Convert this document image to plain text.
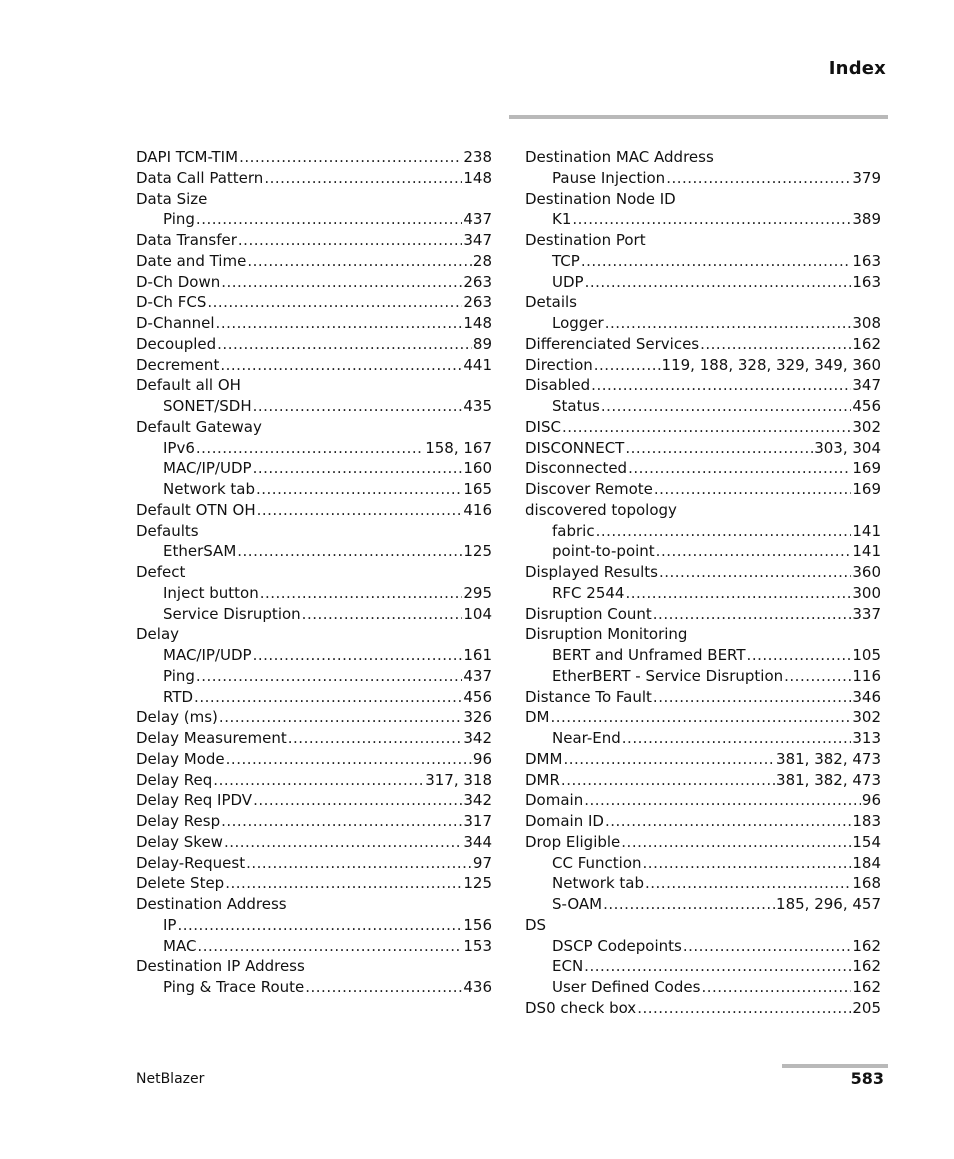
Index
DAPI TCM-TIM .....	238
Data Call Pattern .....	148
Data Size
Ping .....	437
Data Transfer .....	347
Date and Time .....	28
D-Ch Down .....	263
D-Ch FCS .....	263
D-Channel .....	148
Decoupled .....	89
Decrement .....	441
Default all OH
SONET/SDH .....	435
Default Gateway
IPv6 .....	158, 167
MAC/IP/UDP .....	160
Network tab .....	165
Default OTN OH .....	416
Defaults
EtherSAM .....	125
Defect
Inject button .....	295
Service Disruption .....	104
Delay
MAC/IP/UDP .....	161
Ping .....	437
RTD .....	456
Delay (ms) .....	326
Delay Measurement .....	342
Delay Mode .....	96
Delay Req .....	317, 318
Delay Req IPDV .....	342
Delay Resp .....	317
Delay Skew .....	344
Delay-Request .....	97
Delete Step .....	125
Destination Address
IP .....	156
MAC .....	153
Destination IP Address
Ping & Trace Route .....	436
Destination MAC Address
Pause Injection .....	379
Destination Node ID
K1 .....	389
Destination Port
TCP .....	163
UDP .....	163
Details
Logger .....	308
Differenciated Services .....	162
Direction .....	119, 188, 328, 329, 349, 360
Disabled .....	347
Status .....	456
DISC .....	302
DISCONNECT .....	303, 304
Disconnected .....	169
Discover Remote .....	169
discovered topology
fabric .....	141
point-to-point .....	141
Displayed Results .....	360
RFC 2544 .....	300
Disruption Count .....	337
Disruption Monitoring
BERT and Unframed BERT .....	105
EtherBERT - Service Disruption .....	116
Distance To Fault .....	346
DM .....	302
Near-End .....	313
DMM .....	381, 382, 473
DMR .....	381, 382, 473
Domain .....	96
Domain ID .....	183
Drop Eligible .....	154
CC Function .....	184
Network tab .....	168
S-OAM .....	185, 296, 457
DS
DSCP Codepoints .....	162
ECN .....	162
User Defined Codes .....	162
DS0 check box .....	205
NetBlazer	583
